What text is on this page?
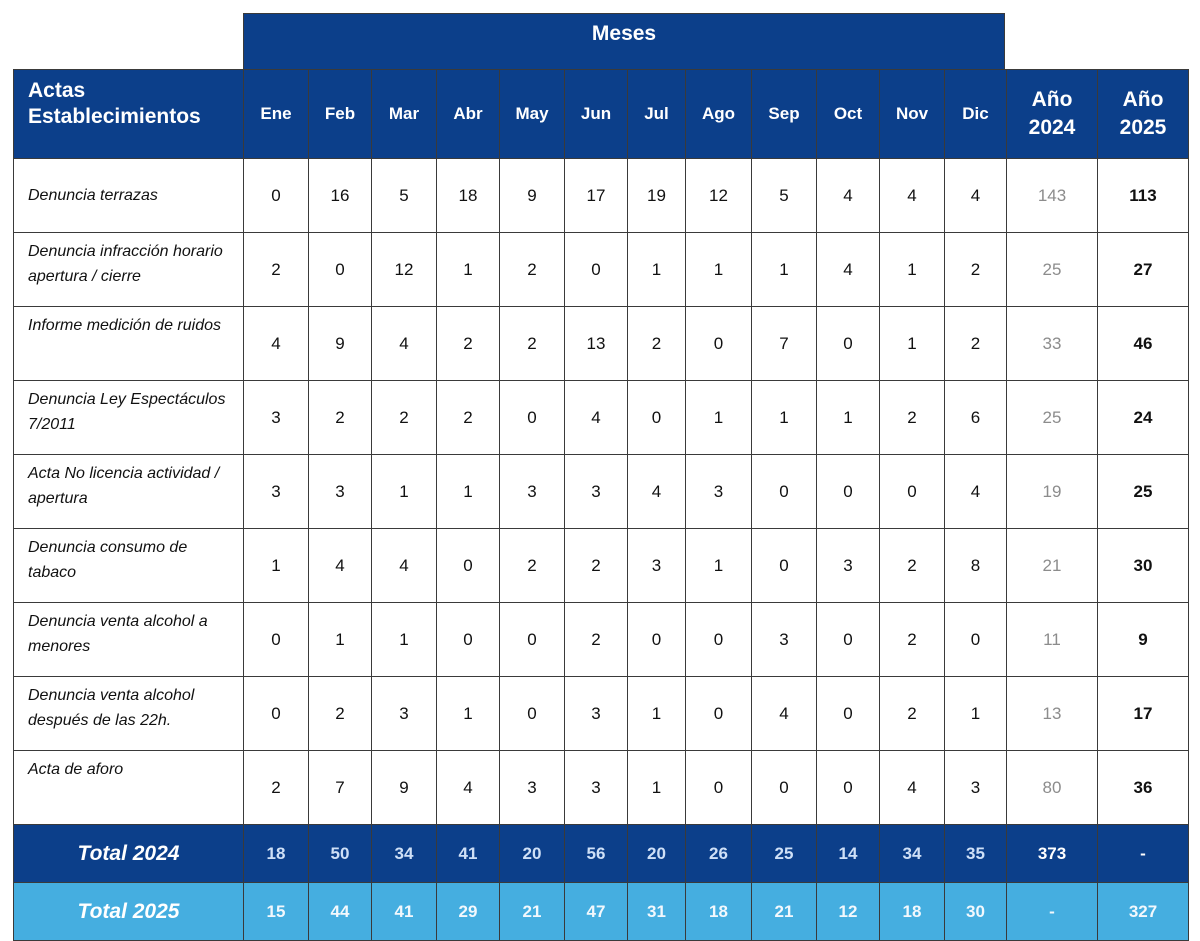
Meses
Actas Establecimientos	Ene	Feb	Mar	Abr	May	Jun	Jul	Ago	Sep	Oct	Nov	Dic	Año 2024	Año 2025
Denuncia terrazas	0	16	5	18	9	17	19	12	5	4	4	4	143	113
Denuncia infracción horario apertura / cierre	2	0	12	1	2	0	1	1	1	4	1	2	25	27
Informe medición de ruidos	4	9	4	2	2	13	2	0	7	0	1	2	33	46
Denuncia Ley Espectáculos 7/2011	3	2	2	2	0	4	0	1	1	1	2	6	25	24
Acta No licencia actividad / apertura	3	3	1	1	3	3	4	3	0	0	0	4	19	25
Denuncia consumo de tabaco	1	4	4	0	2	2	3	1	0	3	2	8	21	30
Denuncia venta alcohol a menores	0	1	1	0	0	2	0	0	3	0	2	0	11	9
Denuncia venta alcohol después de las 22h.	0	2	3	1	0	3	1	0	4	0	2	1	13	17
Acta de aforo	2	7	9	4	3	3	1	0	0	0	4	3	80	36
Total 2024	18	50	34	41	20	56	20	26	25	14	34	35	373	-
Total 2025	15	44	41	29	21	47	31	18	21	12	18	30	-	327
